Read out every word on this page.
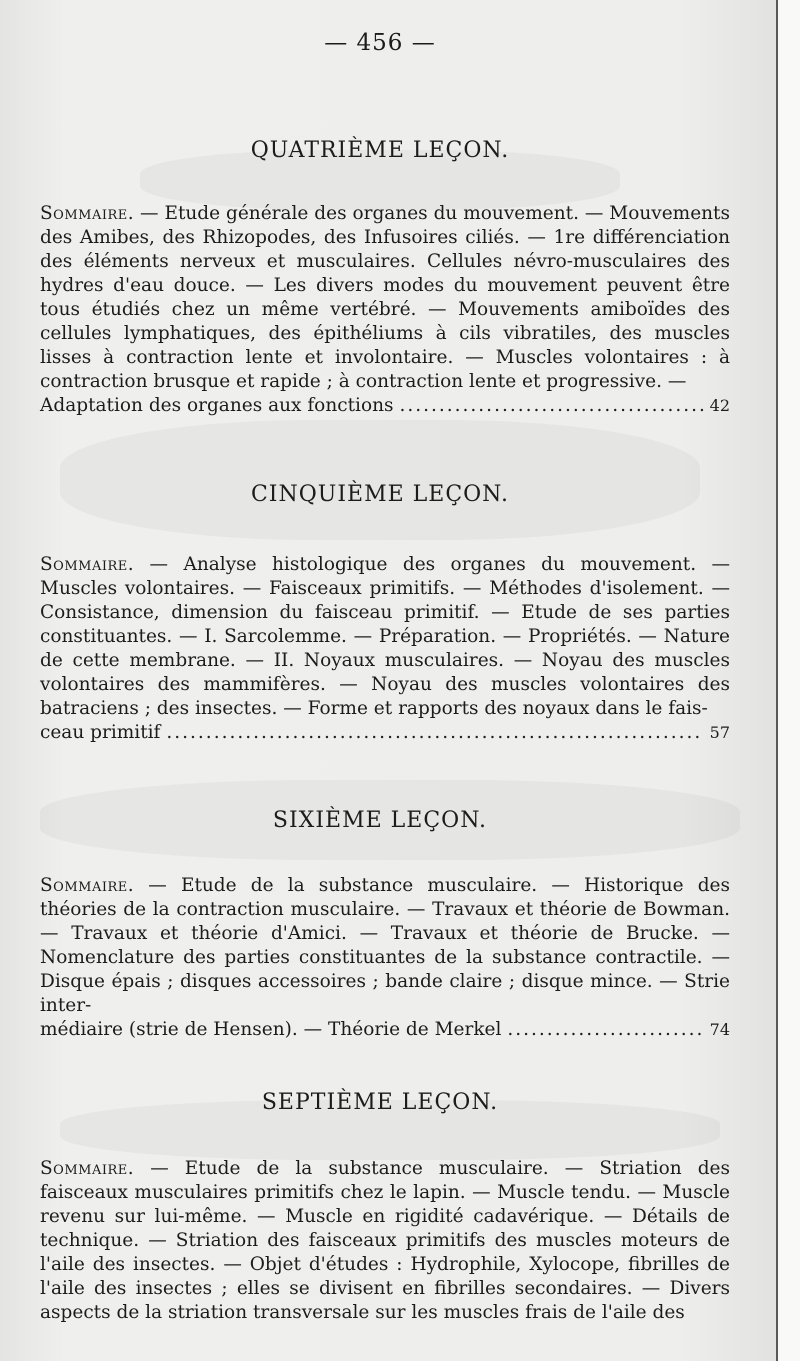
— 456 —
QUATRIÈME LEÇON.
Sommaire. — Etude générale des organes du mouvement. — Mouvements des Amibes, des Rhizopodes, des Infusoires ciliés. — 1re différenciation des éléments nerveux et musculaires. Cellules névro-musculaires des hydres d'eau douce. — Les divers modes du mouvement peuvent être tous étudiés chez un même vertébré. — Mouvements amiboïdes des cellules lymphatiques, des épithéliums à cils vibratiles, des muscles lisses à contraction lente et involontaire. — Muscles volontaires : à contraction brusque et rapide ; à contraction lente et progressive. —
Adaptation des organes aux fonctions .....	42
CINQUIÈME LEÇON.
Sommaire. — Analyse histologique des organes du mouvement. — Muscles volontaires. — Faisceaux primitifs. — Méthodes d'isolement. — Consistance, dimension du faisceau primitif. — Etude de ses parties constituantes. — I. Sarcolemme. — Préparation. — Propriétés. — Nature de cette membrane. — II. Noyaux musculaires. — Noyau des muscles volontaires des mammifères. — Noyau des muscles volontaires des batraciens ; des insectes. — Forme et rapports des noyaux dans le fais-
ceau primitif .....	57
SIXIÈME LEÇON.
Sommaire. — Etude de la substance musculaire. — Historique des théories de la contraction musculaire. — Travaux et théorie de Bowman. — Travaux et théorie d'Amici. — Travaux et théorie de Brucke. — Nomenclature des parties constituantes de la substance contractile. — Disque épais ; disques accessoires ; bande claire ; disque mince. — Strie inter-
médiaire (strie de Hensen). — Théorie de Merkel .....	74
SEPTIÈME LEÇON.
Sommaire. — Etude de la substance musculaire. — Striation des faisceaux musculaires primitifs chez le lapin. — Muscle tendu. — Muscle revenu sur lui-même. — Muscle en rigidité cadavérique. — Détails de technique. — Striation des faisceaux primitifs des muscles moteurs de l'aile des insectes. — Objet d'études : Hydrophile, Xylocope, fibrilles de l'aile des insectes ; elles se divisent en fibrilles secondaires. — Divers aspects de la striation transversale sur les muscles frais de l'aile des
